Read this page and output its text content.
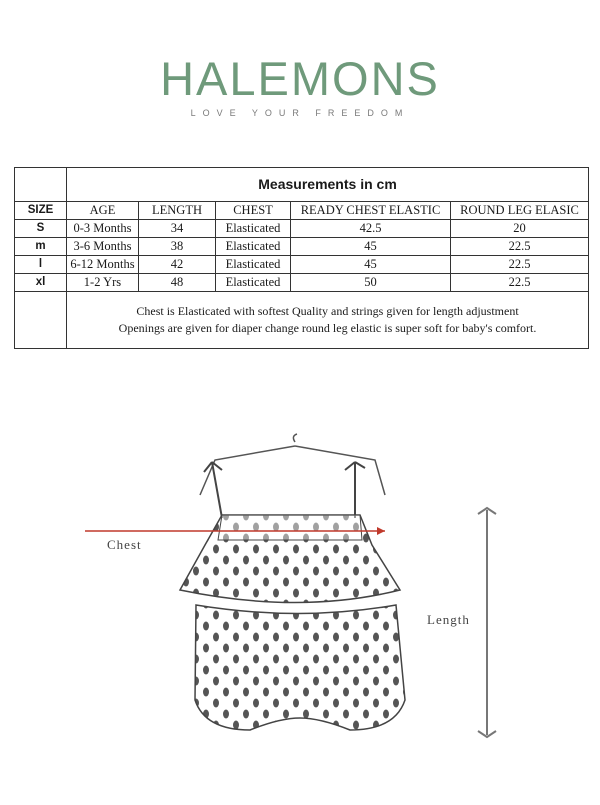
HALEMONS
LOVE YOUR FREEDOM
	Measurements in cm				
SIZE	AGE	LENGTH	CHEST	READY CHEST ELASTIC	ROUND LEG ELASIC
S	0-3 Months	34	Elasticated	42.5	20
m	3-6 Months	38	Elasticated	45	22.5
l	6-12 Months	42	Elasticated	45	22.5
xl	1-2 Yrs	48	Elasticated	50	22.5

	Chest is Elasticated with softest Quality and strings given for length adjustment
Openings are given for diaper change round leg elastic is super soft for baby's comfort.				
Chest
Length
